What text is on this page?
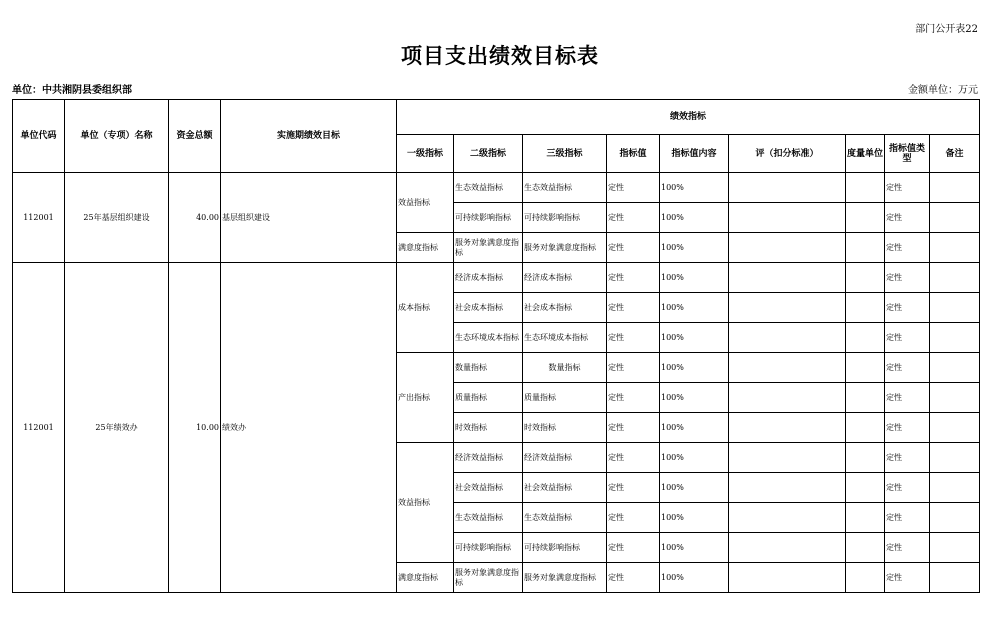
部门公开表22
项目支出绩效目标表
单位：中共湘阴县委组织部	金额单位：万元
单位代码	单位（专项）名称	资金总额	实施期绩效目标	绩效指标								
				一级指标	二级指标	三级指标	指标值	指标值内容	评（扣分标准）	度量单位	指标值类型	备注
112001	25年基层组织建设	40.00	基层组织建设	效益指标	生态效益指标	生态效益指标	定性	100%			定性	
					可持续影响指标	可持续影响指标	定性	100%			定性	
				满意度指标	服务对象满意度指标	服务对象满意度指标	定性	100%			定性	
112001	25年绩效办	10.00	绩效办	成本指标	经济成本指标	经济成本指标	定性	100%			定性	
					社会成本指标	社会成本指标	定性	100%			定性	
					生态环境成本指标	生态环境成本指标	定性	100%			定性	
				产出指标	数量指标	数量指标	定性	100%			定性	
					质量指标	质量指标	定性	100%			定性	
					时效指标	时效指标	定性	100%			定性	
				效益指标	经济效益指标	经济效益指标	定性	100%			定性	
					社会效益指标	社会效益指标	定性	100%			定性	
					生态效益指标	生态效益指标	定性	100%			定性	
					可持续影响指标	可持续影响指标	定性	100%			定性	
				满意度指标	服务对象满意度指标	服务对象满意度指标	定性	100%			定性	
